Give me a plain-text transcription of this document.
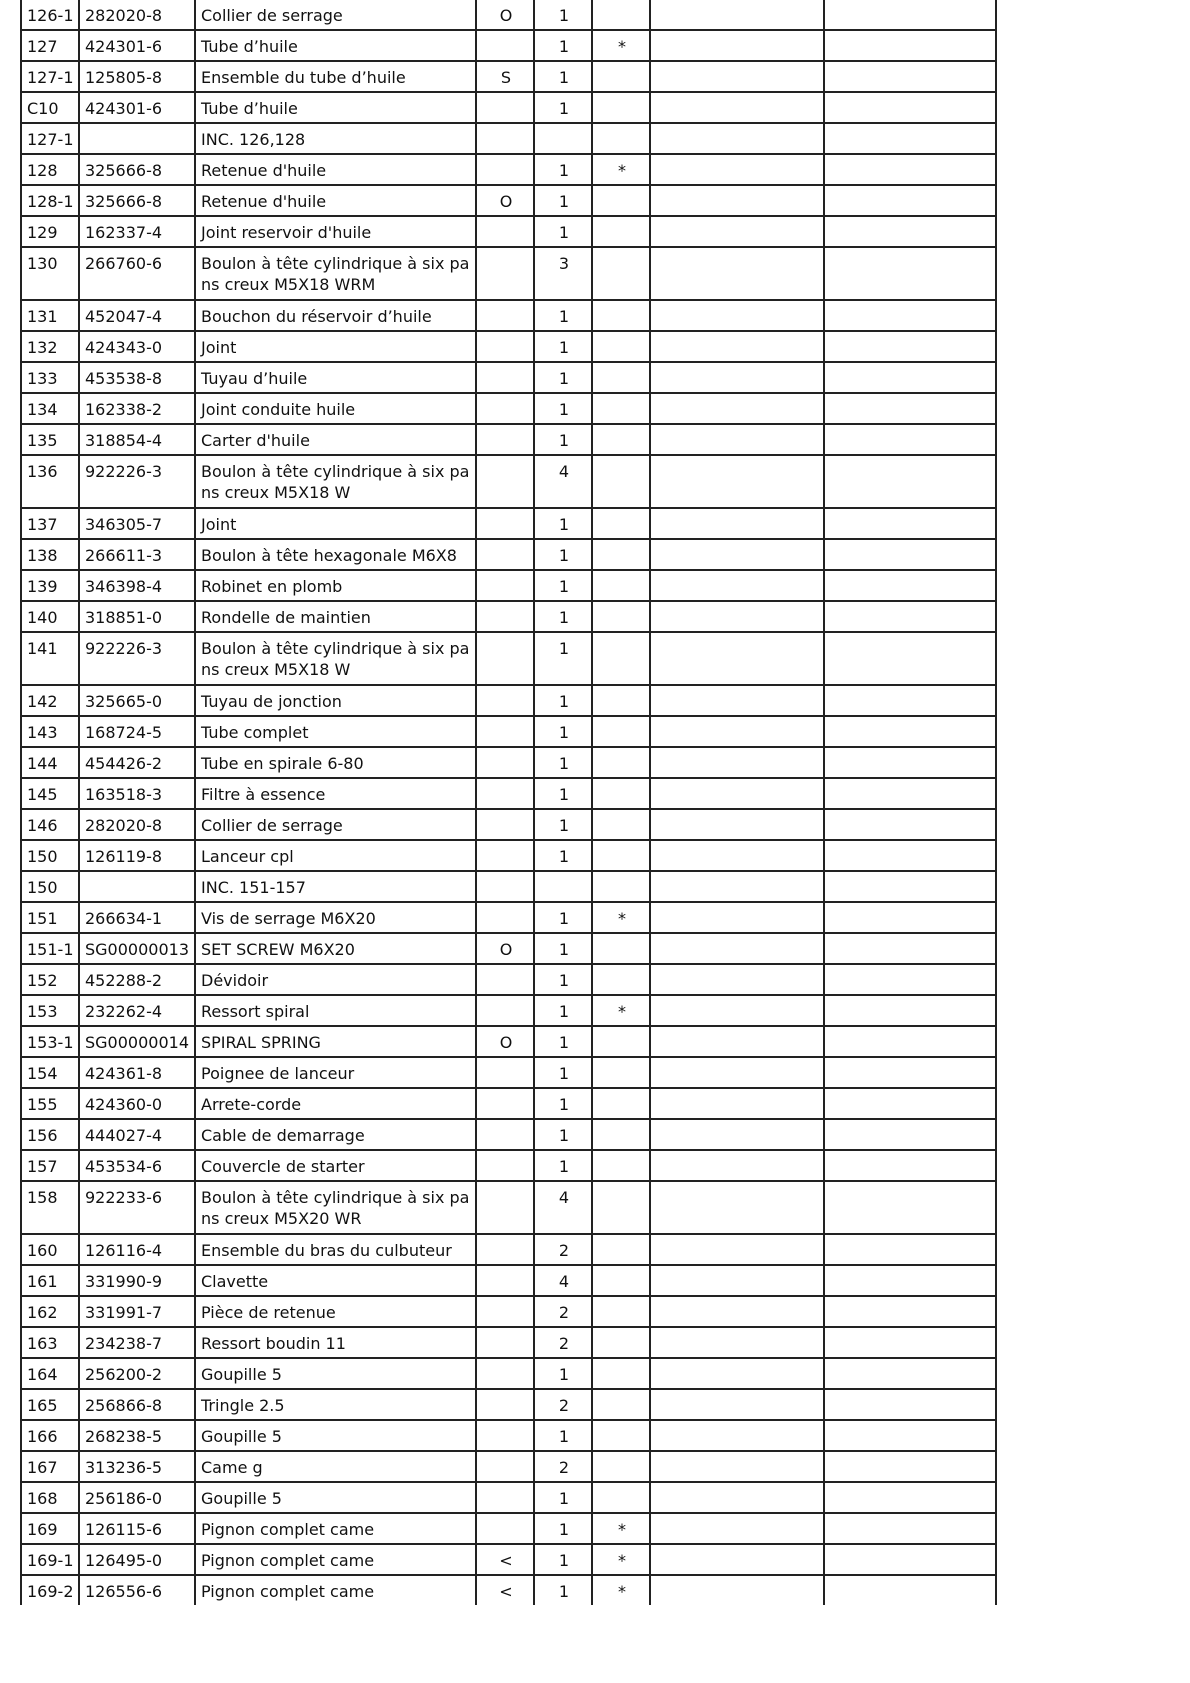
126-1	282020-8	Collier de serrage	O	1			
127	424301-6	Tube d’huile		1	*		
127-1	125805-8	Ensemble du tube d’huile	S	1			
C10	424301-6	Tube d’huile		1			
127-1		INC. 126,128					
128	325666-8	Retenue d'huile		1	*		
128-1	325666-8	Retenue d'huile	O	1			
129	162337-4	Joint reservoir d'huile		1			
130	266760-6	Boulon à tête cylindrique à six pans creux M5X18 WRM		3			
131	452047-4	Bouchon du réservoir d’huile		1			
132	424343-0	Joint		1			
133	453538-8	Tuyau d’huile		1			
134	162338-2	Joint conduite huile		1			
135	318854-4	Carter d'huile		1			
136	922226-3	Boulon à tête cylindrique à six pans creux M5X18 W		4			
137	346305-7	Joint		1			
138	266611-3	Boulon à tête hexagonale M6X8		1			
139	346398-4	Robinet en plomb		1			
140	318851-0	Rondelle de maintien		1			
141	922226-3	Boulon à tête cylindrique à six pans creux M5X18 W		1			
142	325665-0	Tuyau de jonction		1			
143	168724-5	Tube complet		1			
144	454426-2	Tube en spirale 6-80		1			
145	163518-3	Filtre à essence		1			
146	282020-8	Collier de serrage		1			
150	126119-8	Lanceur cpl		1			
150		INC. 151-157					
151	266634-1	Vis de serrage M6X20		1	*		
151-1	SG00000013	SET SCREW M6X20	O	1			
152	452288-2	Dévidoir		1			
153	232262-4	Ressort spiral		1	*		
153-1	SG00000014	SPIRAL SPRING	O	1			
154	424361-8	Poignee de lanceur		1			
155	424360-0	Arrete-corde		1			
156	444027-4	Cable de demarrage		1			
157	453534-6	Couvercle de starter		1			
158	922233-6	Boulon à tête cylindrique à six pans creux M5X20 WR		4			
160	126116-4	Ensemble du bras du culbuteur		2			
161	331990-9	Clavette		4			
162	331991-7	Pièce de retenue		2			
163	234238-7	Ressort boudin 11		2			
164	256200-2	Goupille 5		1			
165	256866-8	Tringle 2.5		2			
166	268238-5	Goupille 5		1			
167	313236-5	Came g		2			
168	256186-0	Goupille 5		1			
169	126115-6	Pignon complet came		1	*		
169-1	126495-0	Pignon complet came	<	1	*		
169-2	126556-6	Pignon complet came	<	1	*		
